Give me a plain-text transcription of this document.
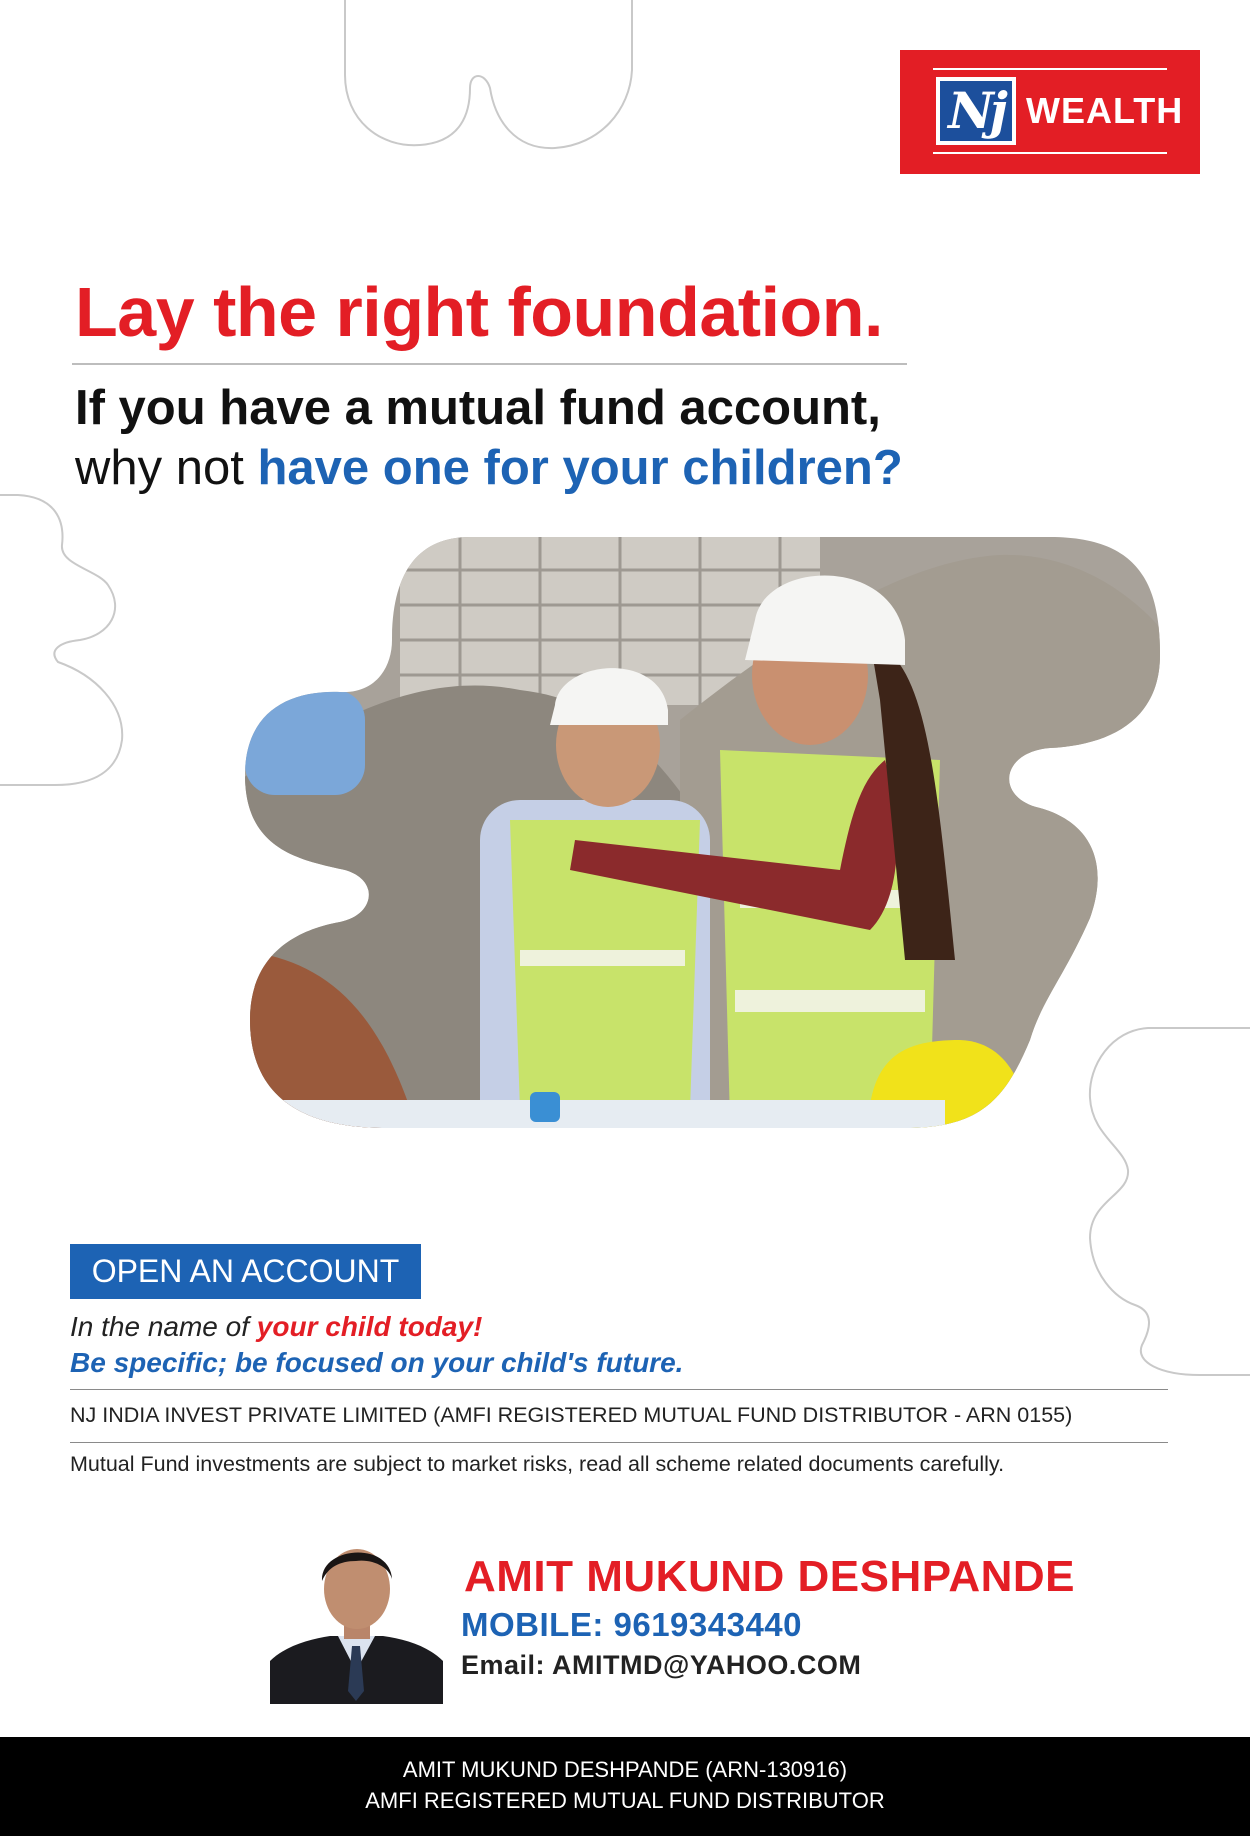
Nj WEALTH
Lay the right foundation.
If you have a mutual fund account,
why not have one for your children?
OPEN AN ACCOUNT
In the name of your child today!
Be specific; be focused on your child's future.
NJ INDIA INVEST PRIVATE LIMITED (AMFI REGISTERED MUTUAL FUND DISTRIBUTOR - ARN 0155)
Mutual Fund investments are subject to market risks, read all scheme related documents carefully.
AMIT MUKUND DESHPANDE
MOBILE: 9619343440
Email: AMITMD@YAHOO.COM
AMIT MUKUND DESHPANDE (ARN-130916)
AMFI REGISTERED MUTUAL FUND DISTRIBUTOR
